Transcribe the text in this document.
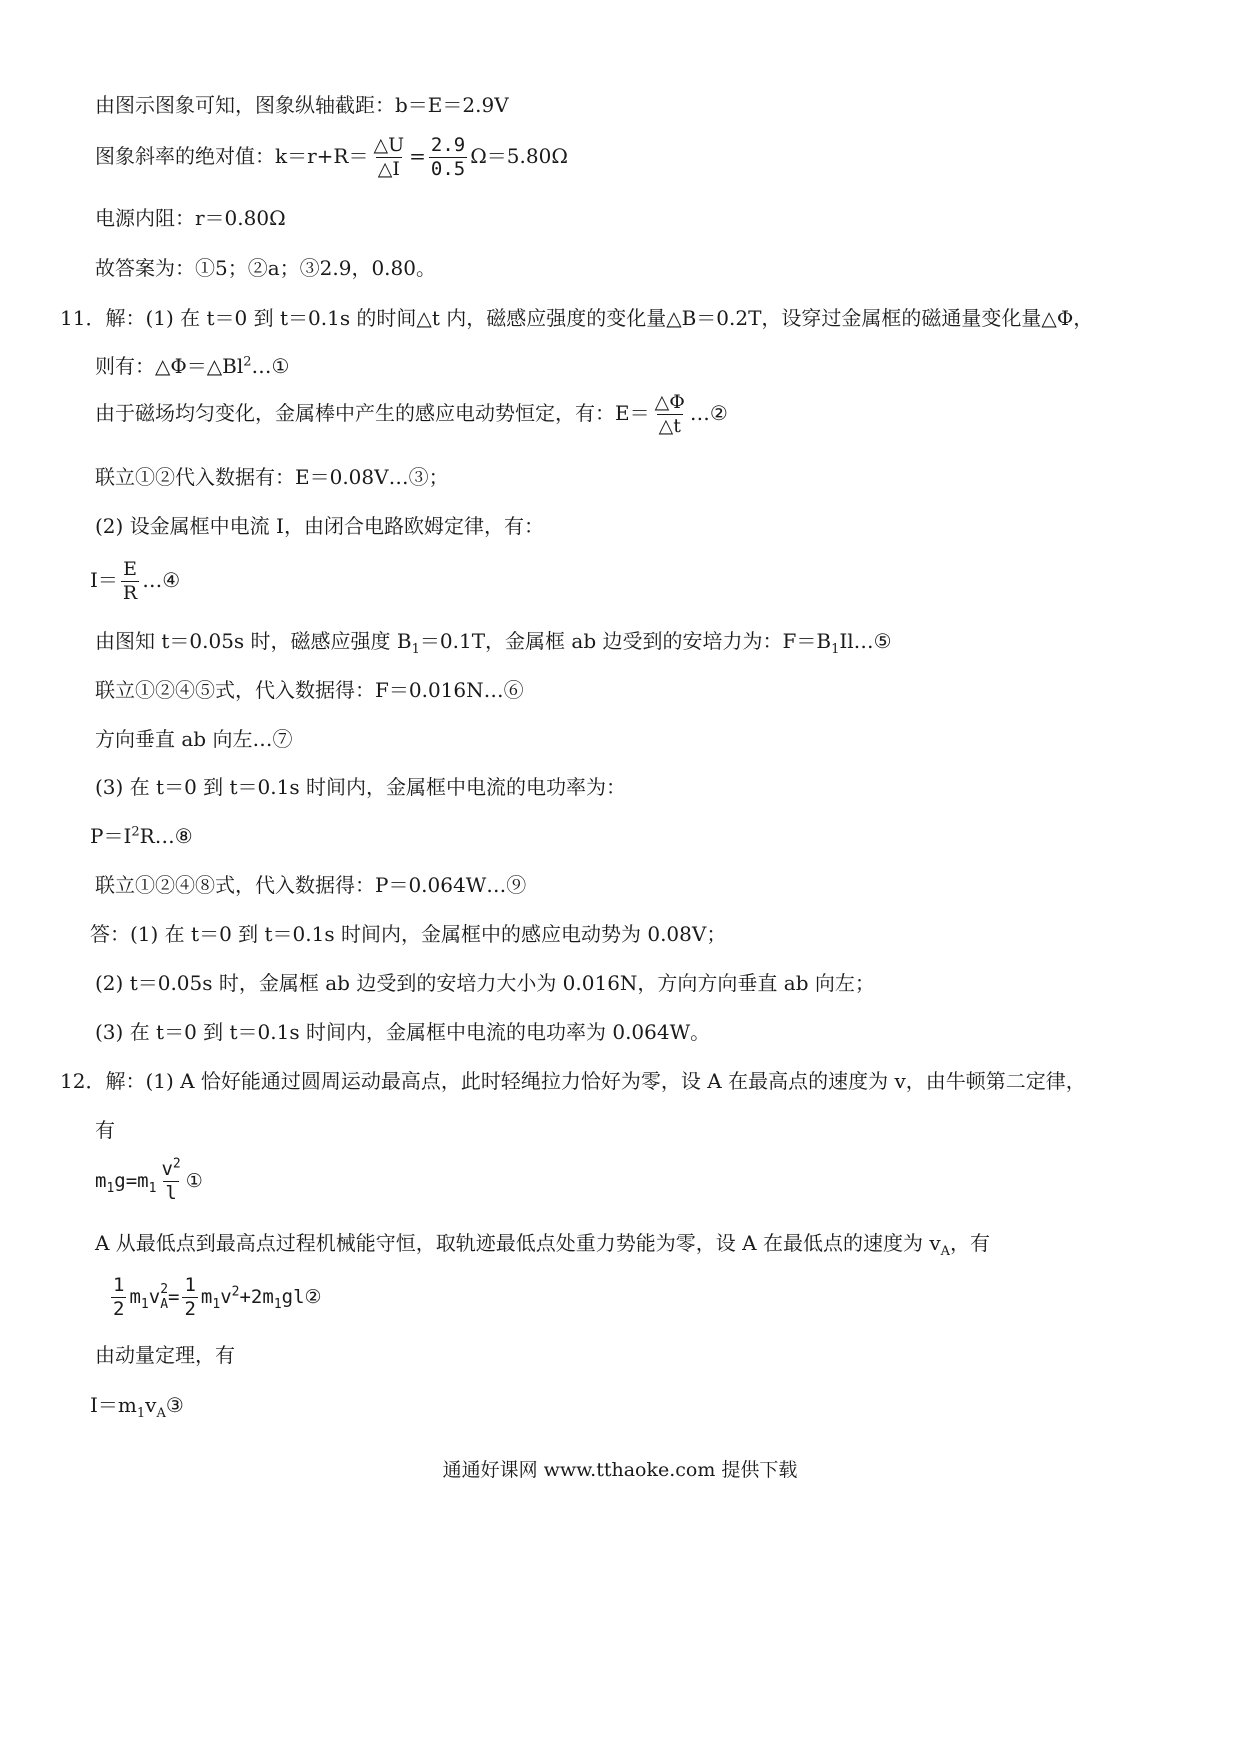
由图示图象可知，图象纵轴截距：b＝E＝2.9V
图象斜率的绝对值：$k=r+R= \frac{\triangle U}{\triangle I} = \frac{2.9}{0.5} \Omega=5.80\Omega$
电源内阻：r＝0.80Ω
故答案为：①5；②a；③2.9，0.80。
11．解：(1) 在 t＝0 到 t＝0.1s 的时间△t 内，磁感应强度的变化量△B＝0.2T，设穿过金属框的磁通量变化量△Φ，
则有：$\triangle\Phi=\triangle Bl^2\dots ①$
由于磁场均匀变化，金属棒中产生的感应电动势恒定，有：$E= \frac{\triangle\Phi}{\triangle t}$ …②
联立①②代入数据有：E＝0.08V…③；
(2) 设金属框中电流 I，由闭合电路欧姆定律，有：
$I= \frac{E}{R}$ …④
由图知 t＝0.05s 时，磁感应强度 $B_1=0.1T$，金属框 ab 边受到的安培力为：$F=B_1Il\dots ⑤$
联立①②④⑤式，代入数据得：F＝0.016N…⑥
方向垂直 ab 向左…⑦
(3) 在 t＝0 到 t＝0.1s 时间内，金属框中电流的电功率为：
$P=I^2R\dots ⑧$
联立①②④⑧式，代入数据得：P＝0.064W…⑨
答：(1) 在 t＝0 到 t＝0.1s 时间内，金属框中的感应电动势为 0.08V；
(2) t＝0.05s 时，金属框 ab 边受到的安培力大小为 0.016N，方向方向垂直 ab 向左；
(3) 在 t＝0 到 t＝0.1s 时间内，金属框中电流的电功率为 0.064W。
12．解：(1) A 恰好能通过圆周运动最高点，此时轻绳拉力恰好为零，设 A 在最高点的速度为 v，由牛顿第二定律，
有
$m_1g=m_1 \frac{v^2}{l}$ ①
A 从最低点到最高点过程机械能守恒，取轨迹最低点处重力势能为零，设 A 在最低点的速度为 $v_A$，有
$\frac{1}{2} m_1v$ 2
$A = \frac{1}{2}$ $m_1v^2+2m_1gl②$
由动量定理，有
$I=m_1v_A③$
通通好课网 www.tthaoke.com 提供下载
